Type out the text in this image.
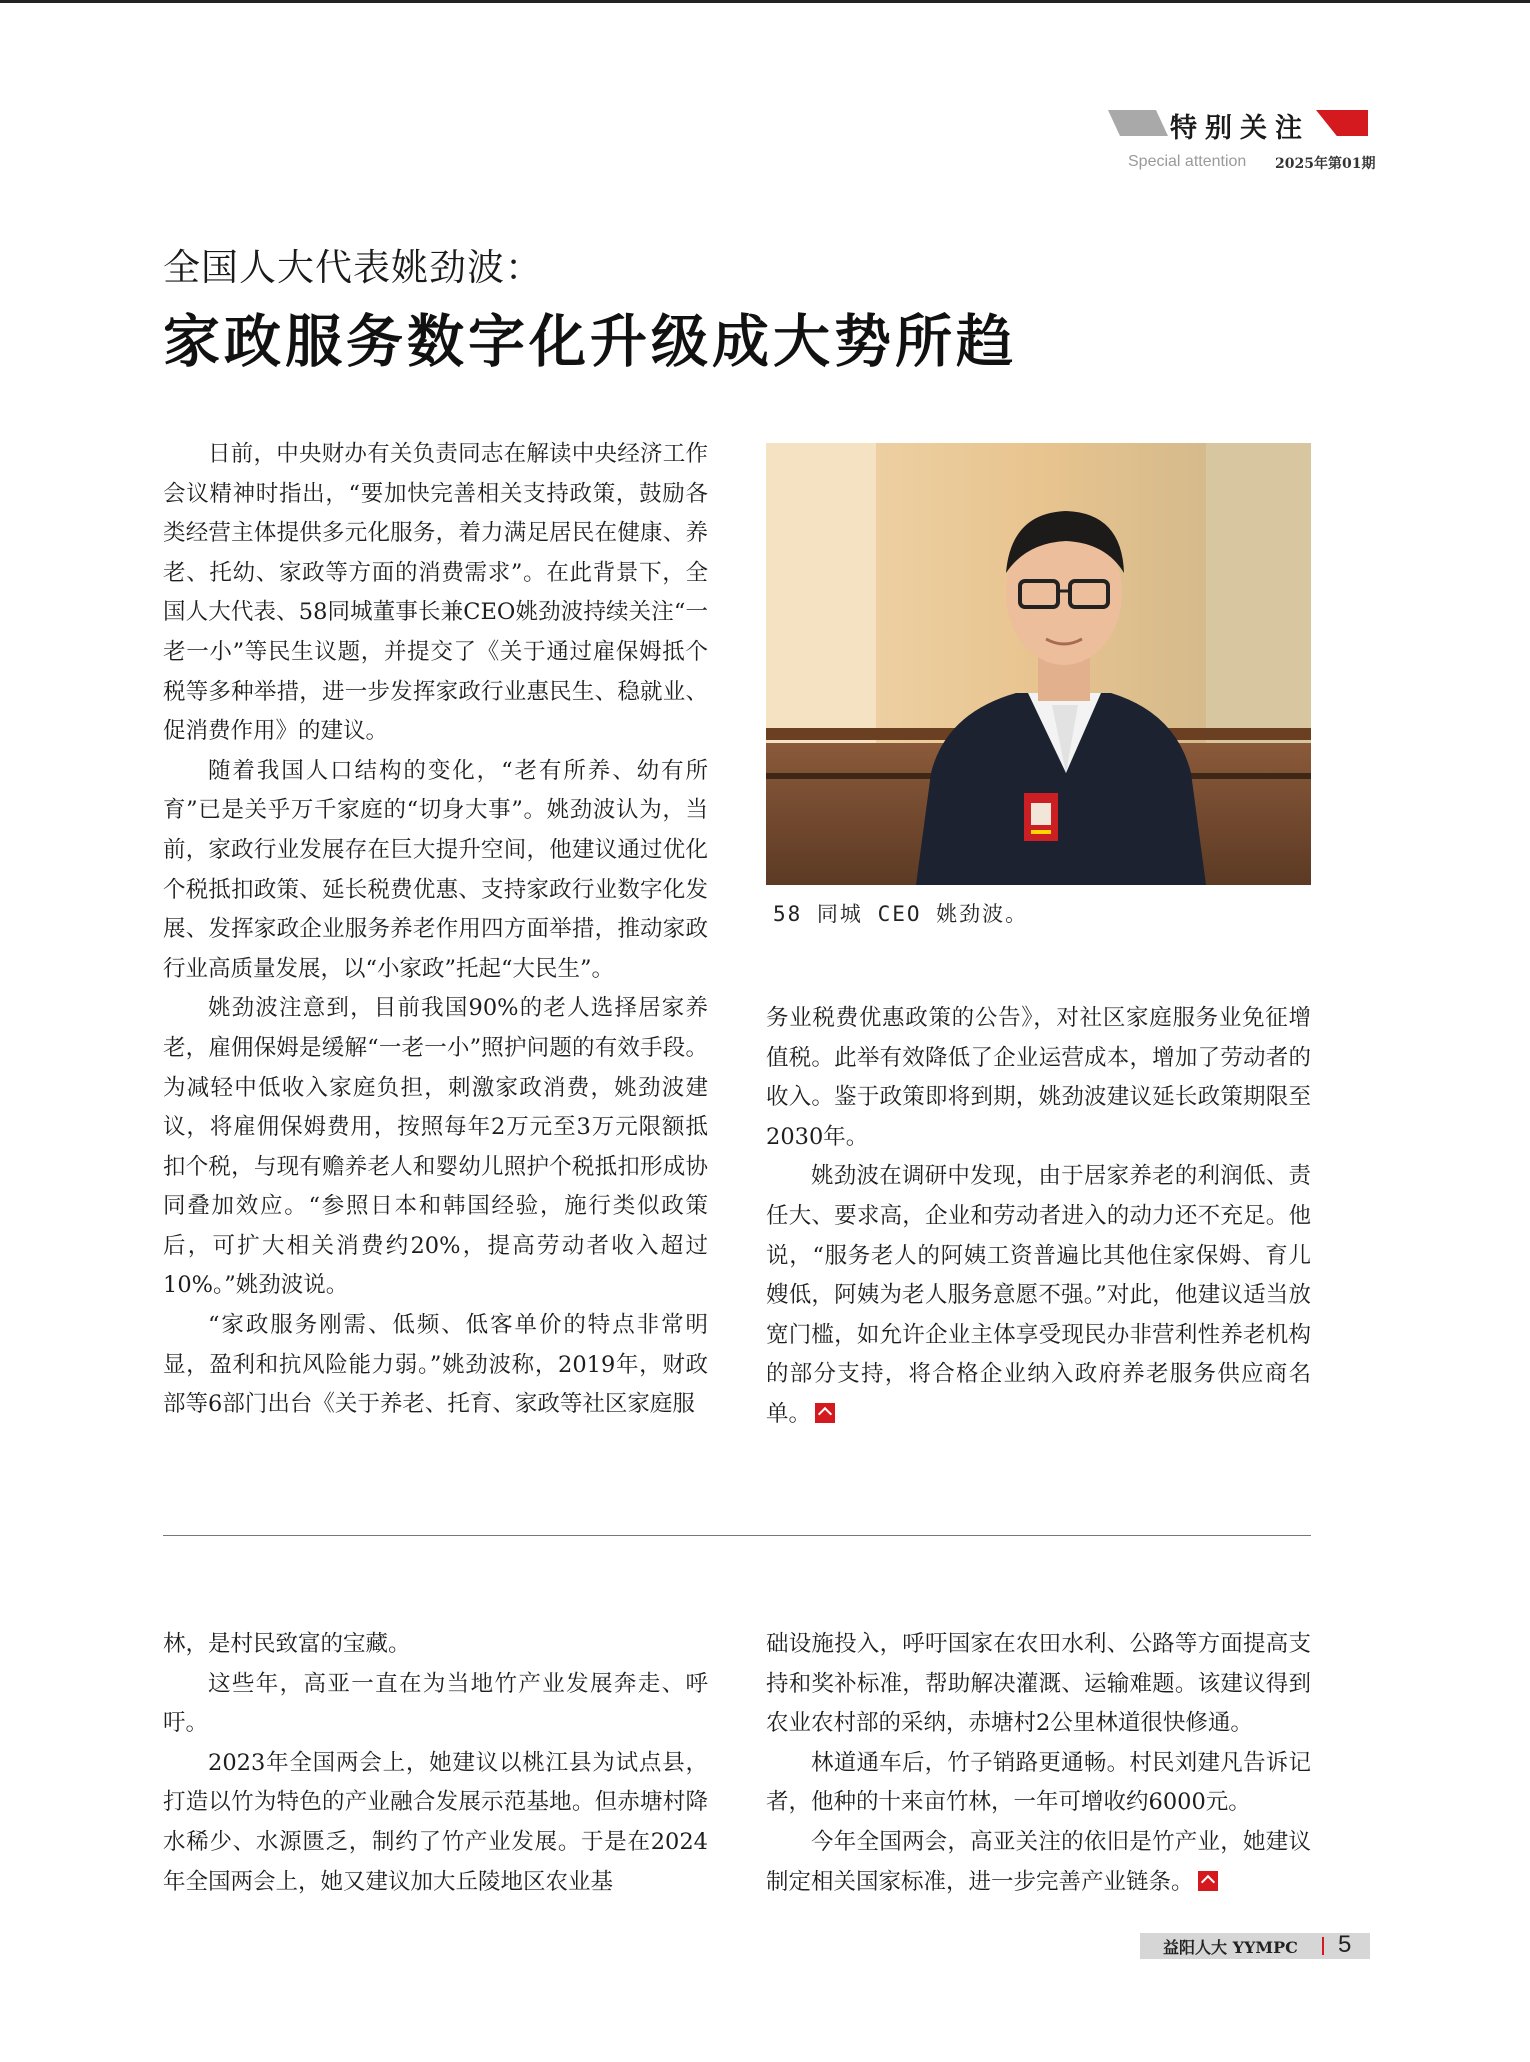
特别关注
Special attention 2025年第01期
全国人大代表姚劲波：
家政服务数字化升级成大势所趋

日前，中央财办有关负责同志在解读中央经济工作会议精神时指出，“要加快完善相关支持政策，鼓励各类经营主体提供多元化服务，着力满足居民在健康、养老、托幼、家政等方面的消费需求”。在此背景下，全国人大代表、58同城董事长兼CEO姚劲波持续关注“一老一小”等民生议题，并提交了《关于通过雇保姆抵个税等多种举措，进一步发挥家政行业惠民生、稳就业、促消费作用》的建议。

随着我国人口结构的变化，“老有所养、幼有所育”已是关乎万千家庭的“切身大事”。姚劲波认为，当前，家政行业发展存在巨大提升空间，他建议通过优化个税抵扣政策、延长税费优惠、支持家政行业数字化发展、发挥家政企业服务养老作用四方面举措，推动家政行业高质量发展，以“小家政”托起“大民生”。

姚劲波注意到，目前我国90%的老人选择居家养老，雇佣保姆是缓解“一老一小”照护问题的有效手段。为减轻中低收入家庭负担，刺激家政消费，姚劲波建议，将雇佣保姆费用，按照每年2万元至3万元限额抵扣个税，与现有赡养老人和婴幼儿照护个税抵扣形成协同叠加效应。“参照日本和韩国经验，施行类似政策后，可扩大相关消费约20%，提高劳动者收入超过10%。”姚劲波说。

“家政服务刚需、低频、低客单价的特点非常明显，盈利和抗风险能力弱。”姚劲波称，2019年，财政部等6部门出台《关于养老、托育、家政等社区家庭服

58 同城 CEO 姚劲波。

务业税费优惠政策的公告》，对社区家庭服务业免征增值税。此举有效降低了企业运营成本，增加了劳动者的收入。鉴于政策即将到期，姚劲波建议延长政策期限至2030年。

姚劲波在调研中发现，由于居家养老的利润低、责任大、要求高，企业和劳动者进入的动力还不充足。他说，“服务老人的阿姨工资普遍比其他住家保姆、育儿嫂低，阿姨为老人服务意愿不强。”对此，他建议适当放宽门槛，如允许企业主体享受现民办非营利性养老机构的部分支持，将合格企业纳入政府养老服务供应商名单。

林，是村民致富的宝藏。

这些年，高亚一直在为当地竹产业发展奔走、呼吁。

2023年全国两会上，她建议以桃江县为试点县，打造以竹为特色的产业融合发展示范基地。但赤塘村降水稀少、水源匮乏，制约了竹产业发展。于是在2024年全国两会上，她又建议加大丘陵地区农业基

础设施投入，呼吁国家在农田水利、公路等方面提高支持和奖补标准，帮助解决灌溉、运输难题。该建议得到农业农村部的采纳，赤塘村2公里林道很快修通。

林道通车后，竹子销路更通畅。村民刘建凡告诉记者，他种的十来亩竹林，一年可增收约6000元。

今年全国两会，高亚关注的依旧是竹产业，她建议制定相关国家标准，进一步完善产业链条。

益阳人大 YYMPC 5
